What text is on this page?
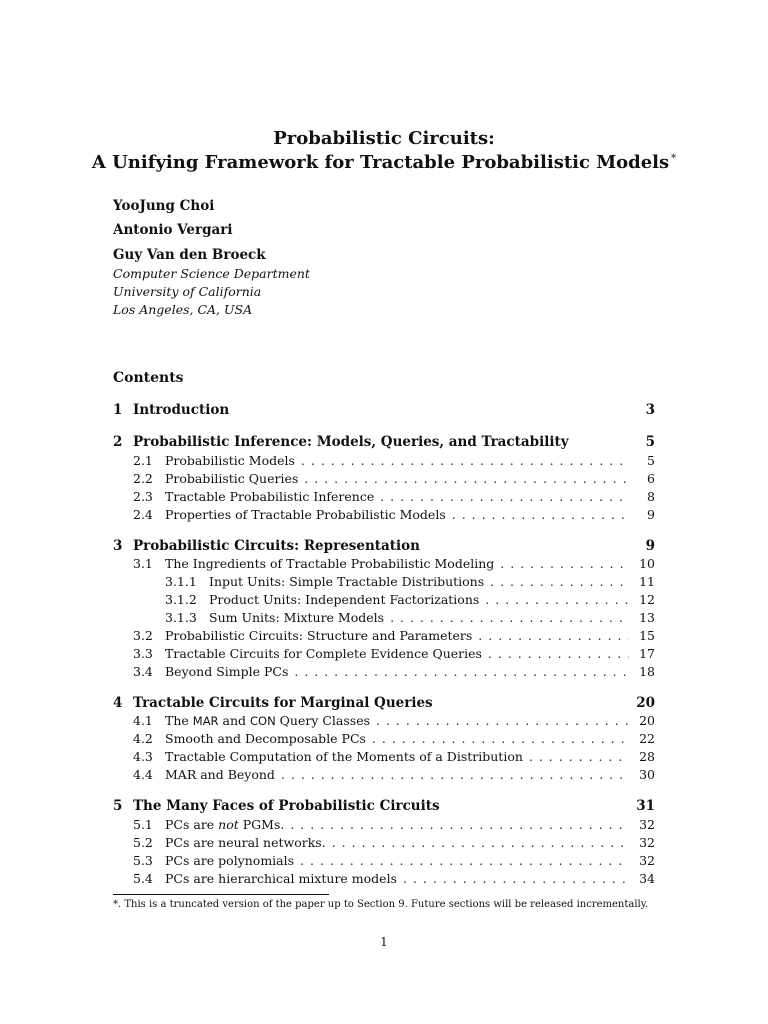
Probabilistic Circuits:
A Unifying Framework for Tractable Probabilistic Models *
YooJung Choi
Antonio Vergari
Guy Van den Broeck
Computer Science Department
University of California
Los Angeles, CA, USA
Contents
1 Introduction	3
2 Probabilistic Inference: Models, Queries, and Tractability	5
2.1 Probabilistic Models . . .	5
2.2 Probabilistic Queries . . .	6
2.3 Tractable Probabilistic Inference . . .	8
2.4 Properties of Tractable Probabilistic Models . . .	9
3 Probabilistic Circuits: Representation	9
3.1 The Ingredients of Tractable Probabilistic Modeling . . .	10
3.1.1 Input Units: Simple Tractable Distributions . . .	11
3.1.2 Product Units: Independent Factorizations . . .	12
3.1.3 Sum Units: Mixture Models . . .	13
3.2 Probabilistic Circuits: Structure and Parameters . . .	15
3.3 Tractable Circuits for Complete Evidence Queries . . .	17
3.4 Beyond Simple PCs . . .	18
4 Tractable Circuits for Marginal Queries	20
4.1 The MAR and CON Query Classes . . .	20
4.2 Smooth and Decomposable PCs . . .	22
4.3 Tractable Computation of the Moments of a Distribution . . .	28
4.4 MAR and Beyond . . .	30
5 The Many Faces of Probabilistic Circuits	31
5.1 PCs are not PGMs. . . .	32
5.2 PCs are neural networks. . . .	32
5.3 PCs are polynomials . . .	32
5.4 PCs are hierarchical mixture models . . .	34
*. This is a truncated version of the paper up to Section 9. Future sections will be released incrementally.
1
